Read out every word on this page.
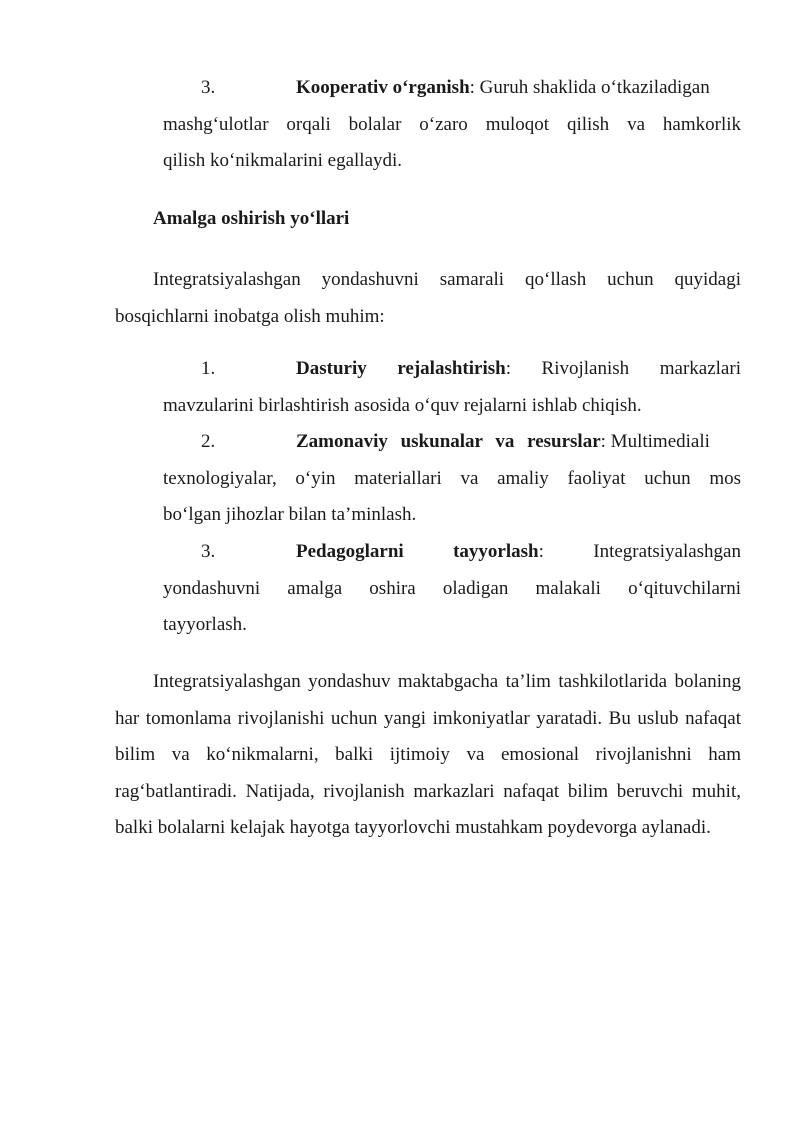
3.	Kooperativ o‘rganish: Guruh shaklida o‘tkaziladigan
mashg‘ulotlar orqali bolalar o‘zaro muloqot qilish va hamkorlik
qilish ko‘nikmalarini egallaydi.
Amalga oshirish yo‘llari
Integratsiyalashgan yondashuvni samarali qo‘llash uchun quyidagi
bosqichlarni inobatga olish muhim:
1.	Dasturiy rejalashtirish: Rivojlanish markazlari
mavzularini birlashtirish asosida o‘quv rejalarni ishlab chiqish.
2.	Zamonaviy uskunalar va resurslar: Multimediali
texnologiyalar, o‘yin materiallari va amaliy faoliyat uchun mos
bo‘lgan jihozlar bilan ta’minlash.
3.	Pedagoglarni	tayyorlash:	Integratsiyalashgan
yondashuvni amalga oshira oladigan malakali o‘qituvchilarni
tayyorlash.
Integratsiyalashgan yondashuv maktabgacha ta’lim tashkilotlarida bolaning har tomonlama rivojlanishi uchun yangi imkoniyatlar yaratadi. Bu uslub nafaqat bilim va ko‘nikmalarni, balki ijtimoiy va emosional rivojlanishni ham rag‘batlantiradi. Natijada, rivojlanish markazlari nafaqat bilim beruvchi muhit, balki bolalarni kelajak hayotga tayyorlovchi mustahkam poydevorga aylanadi.
